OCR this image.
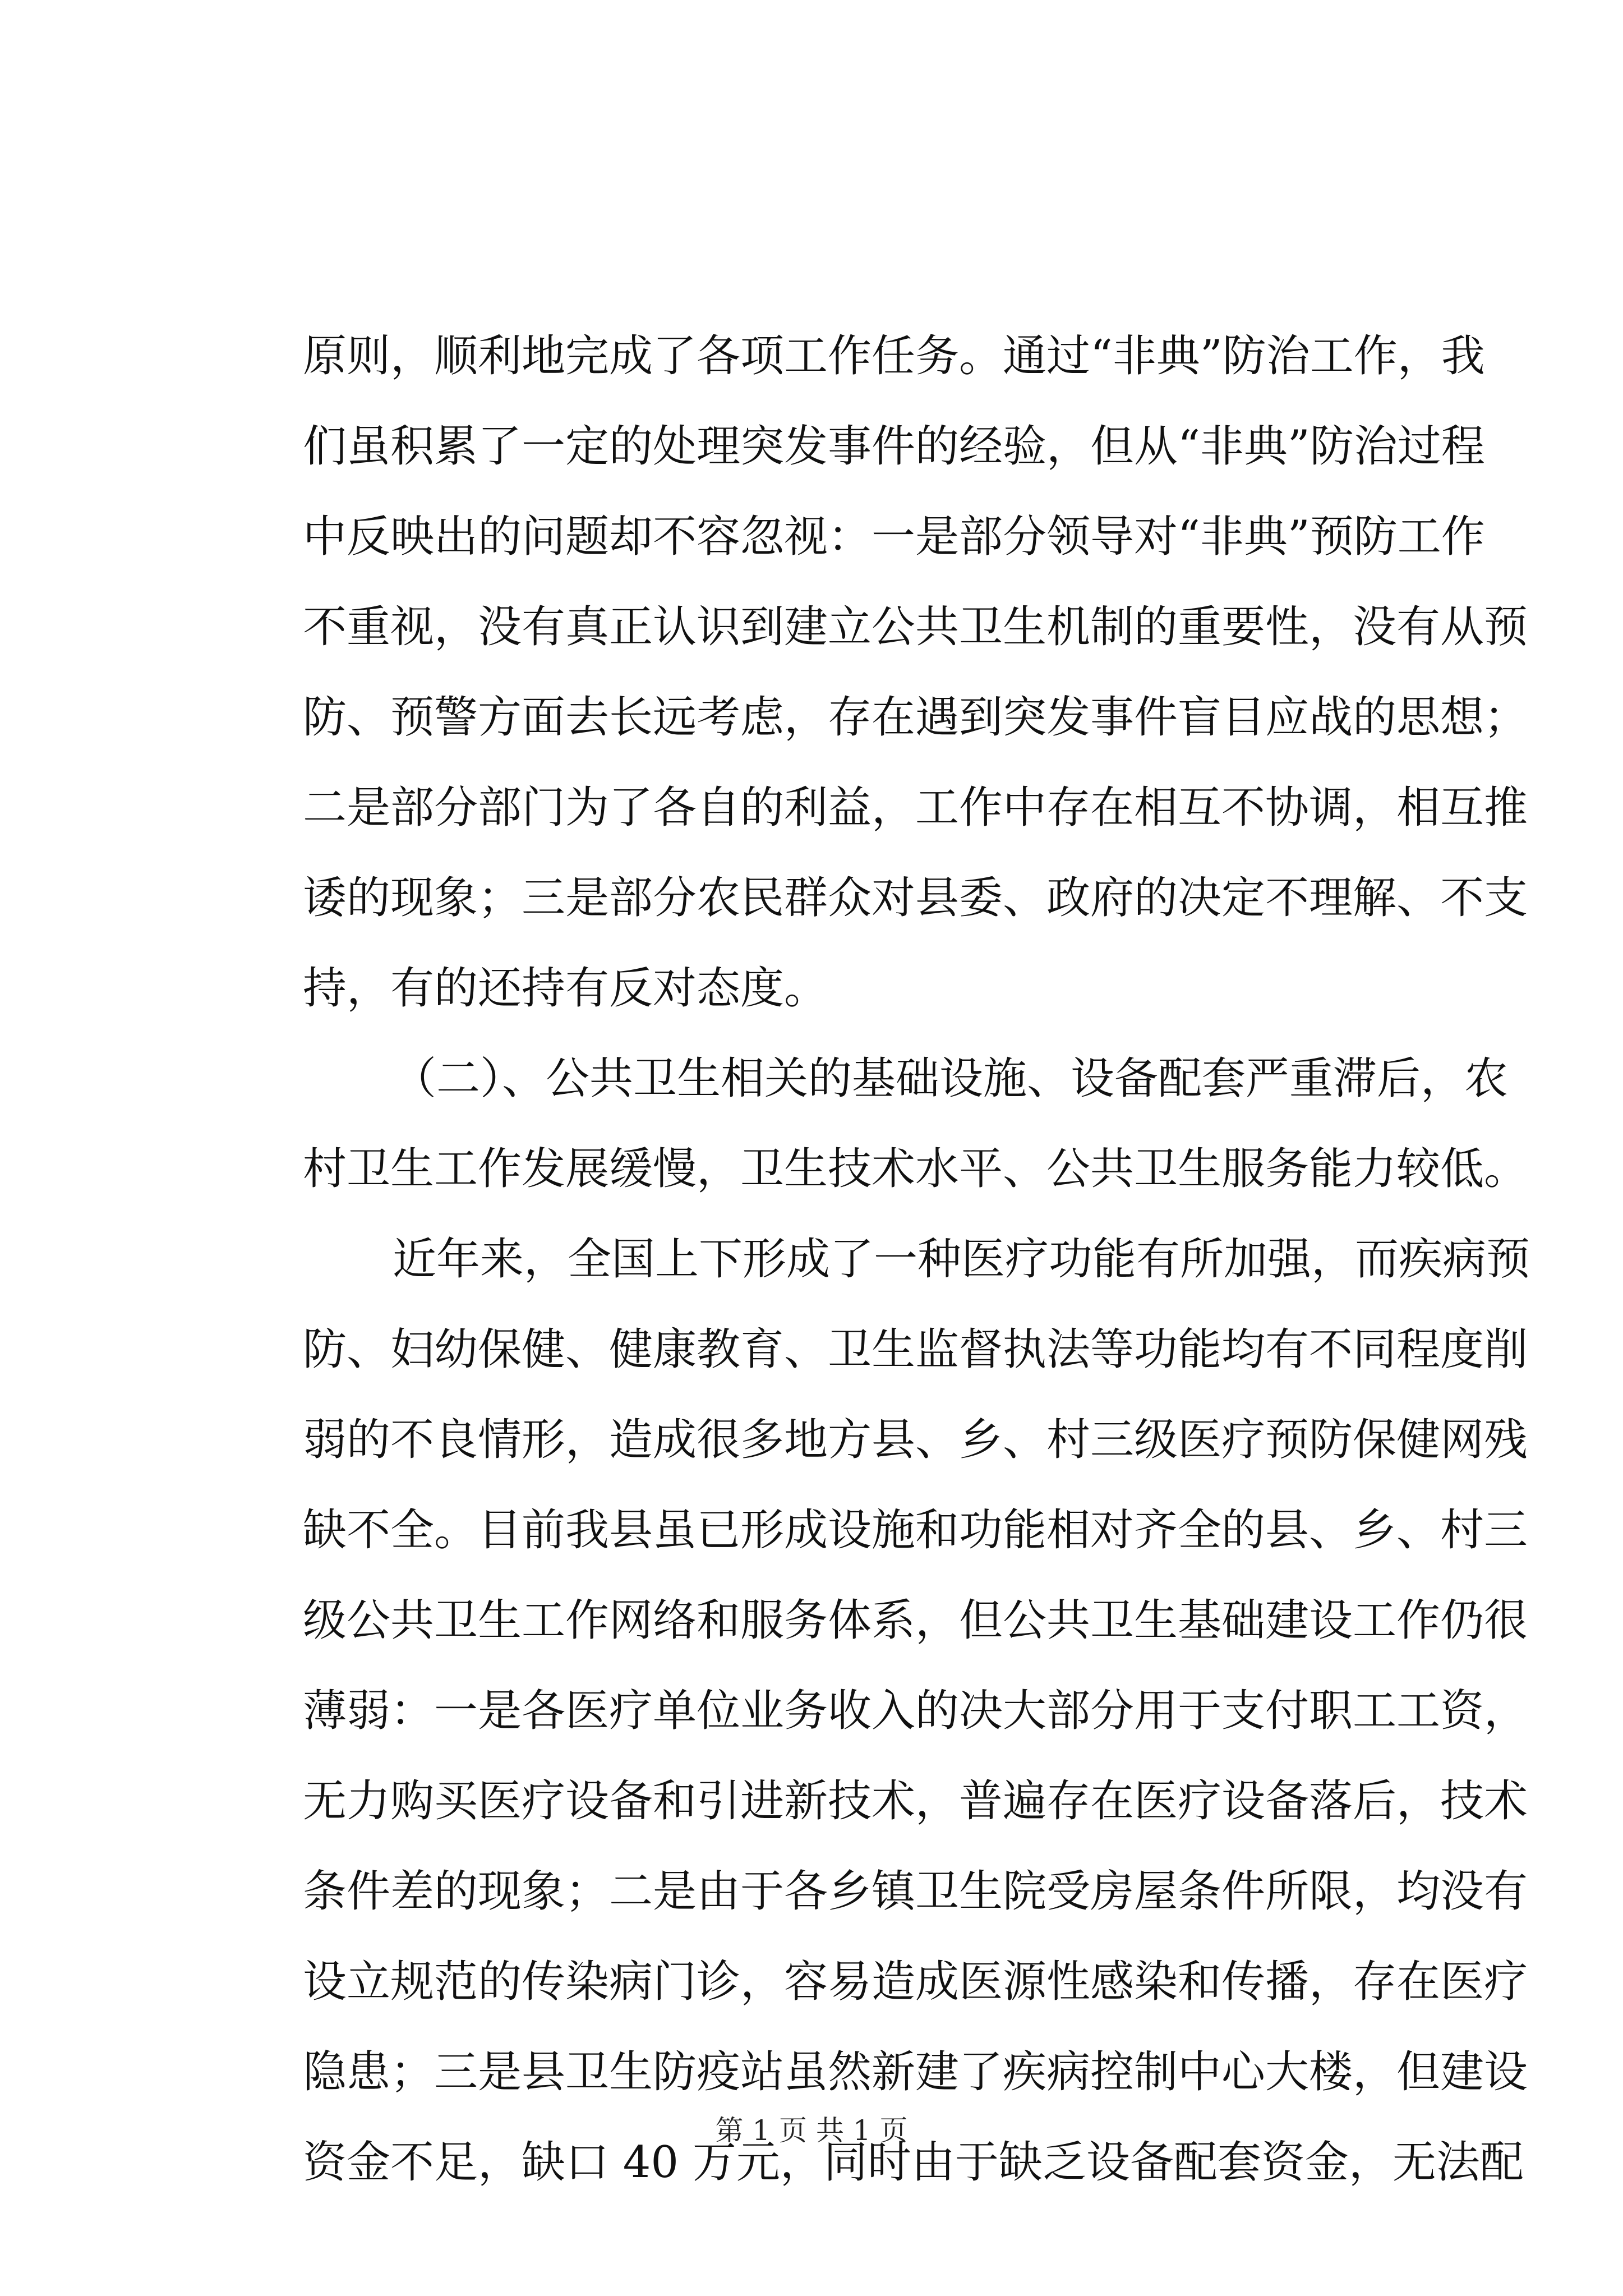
原则，顺利地完成了各项工作任务。通过“非典”防治工作，我
们虽积累了一定的处理突发事件的经验，但从“非典”防治过程
中反映出的问题却不容忽视：一是部分领导对“非典”预防工作
不重视，没有真正认识到建立公共卫生机制的重要性，没有从预
防、预警方面去长远考虑，存在遇到突发事件盲目应战的思想；
二是部分部门为了各自的利益，工作中存在相互不协调，相互推
诿的现象；三是部分农民群众对县委、政府的决定不理解、不支
持，有的还持有反对态度。
（二）、公共卫生相关的基础设施、设备配套严重滞后，农
村卫生工作发展缓慢，卫生技术水平、公共卫生服务能力较低。
近年来，全国上下形成了一种医疗功能有所加强，而疾病预
防、妇幼保健、健康教育、卫生监督执法等功能均有不同程度削
弱的不良情形，造成很多地方县、乡、村三级医疗预防保健网残
缺不全。目前我县虽已形成设施和功能相对齐全的县、乡、村三
级公共卫生工作网络和服务体系，但公共卫生基础建设工作仍很
薄弱：一是各医疗单位业务收入的决大部分用于支付职工工资，
无力购买医疗设备和引进新技术，普遍存在医疗设备落后，技术
条件差的现象；二是由于各乡镇卫生院受房屋条件所限，均没有
设立规范的传染病门诊，容易造成医源性感染和传播，存在医疗
隐患；三是县卫生防疫站虽然新建了疾病控制中心大楼，但建设
资金不足，缺口 40 万元，同时由于缺乏设备配套资金，无法配
第 1 页 共 1 页
